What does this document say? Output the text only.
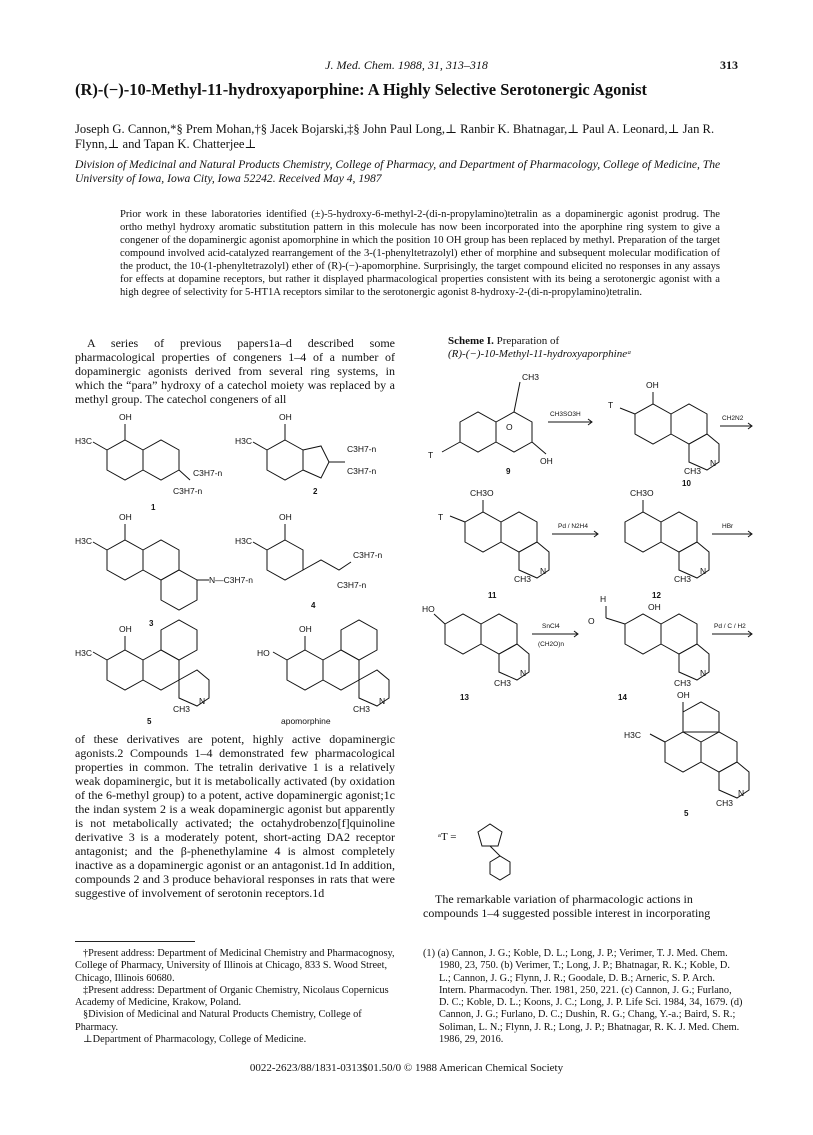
J. Med. Chem. 1988, 31, 313–318	313
(R)-(−)-10-Methyl-11-hydroxyaporphine: A Highly Selective Serotonergic Agonist
Joseph G. Cannon,*§ Prem Mohan,†§ Jacek Bojarski,‡§ John Paul Long,⊥ Ranbir K. Bhatnagar,⊥ Paul A. Leonard,⊥ Jan R. Flynn,⊥ and Tapan K. Chatterjee⊥
Division of Medicinal and Natural Products Chemistry, College of Pharmacy, and Department of Pharmacology, College of Medicine, The University of Iowa, Iowa City, Iowa 52242. Received May 4, 1987
Prior work in these laboratories identified (±)-5-hydroxy-6-methyl-2-(di-n-propylamino)tetralin as a dopaminergic agonist prodrug. The ortho methyl hydroxy aromatic substitution pattern in this molecule has now been incorporated into the aporphine ring system to give a congener of the dopaminergic agonist apomorphine in which the position 10 OH group has been replaced by methyl. Preparation of the target compound involved acid-catalyzed rearrangement of the 3-(1-phenyltetrazolyl) ether of morphine and subsequent molecular modification of the product, the 10-(1-phenyltetrazolyl) ether of (R)-(−)-apomorphine. Surprisingly, the target compound elicited no responses in any assays for effects at dopamine receptors, but rather it displayed pharmacological properties consistent with its being a serotonergic agonist with a high degree of selectivity for 5-HT1A receptors similar to the serotonergic agonist 8-hydroxy-2-(di-n-propylamino)tetralin.

A series of previous papers1a–d described some pharmacological properties of congeners 1–4 of a number of dopaminergic agonists derived from several ring systems, in which the “para” hydroxy of a catechol moiety was replaced by a methyl group. The catechol congeners of all

OH
H3C
C3H7-n
C3H7-n
1
OH
H3C
C3H7-n
C3H7-n
2
OH
H3C
N—C3H7-n
3
OH
H3C
C3H7-n
C3H7-n
4
OH
H3C
N
CH3
5
OH
HO
N
CH3
apomorphine

of these derivatives are potent, highly active dopaminergic agonists.2 Compounds 1–4 demonstrated few pharmacological properties in common. The tetralin derivative 1 is a relatively weak dopaminergic, but it is metabolically activated (by oxidation of the 6-methyl group) to a potent, active dopaminergic agonist;1c the indan system 2 is a weak dopaminergic agonist but apparently is not metabolically activated; the octahydrobenzo[f]quinoline derivative 3 is a moderately potent, short-acting DA2 receptor antagonist; and the β-phenethylamine 4 is almost completely inactive as a dopaminergic agonist or an antagonist.1d In addition, compounds 2 and 3 produce behavioral responses in rats that were suggestive of involvement of serotonin receptors.1d

Scheme I. Preparation of
(R)-(−)-10-Methyl-11-hydroxyaporphineᵃ
CH3
T
OH
O
9
CH3SO3H
OH
T
N
CH3
10
CH2N2
CH3O
T
N
CH3
11
Pd / N2H4
CH3O
N
CH3
12
HBr
HO
N
CH3
13
SnCl4
(CH2O)n
H
OH
O
N
CH3
14
Pd / C / H2
OH
H3C
N
CH3
5
ᵃT =
The remarkable variation of pharmacologic actions in compounds 1–4 suggested possible interest in incorporating
†Present address: Department of Medicinal Chemistry and Pharmacognosy, College of Pharmacy, University of Illinois at Chicago, 833 S. Wood Street, Chicago, Illinois 60680.
‡Present address: Department of Organic Chemistry, Nicolaus Copernicus Academy of Medicine, Krakow, Poland.
§Division of Medicinal and Natural Products Chemistry, College of Pharmacy.
⊥Department of Pharmacology, College of Medicine.
(1) (a) Cannon, J. G.; Koble, D. L.; Long, J. P.; Verimer, T. J. Med. Chem. 1980, 23, 750. (b) Verimer, T.; Long, J. P.; Bhatnagar, R. K.; Koble, D. L.; Cannon, J. G.; Flynn, J. R.; Goodale, D. B.; Arneric, S. P. Arch. Intern. Pharmacodyn. Ther. 1981, 250, 221. (c) Cannon, J. G.; Furlano, D. C.; Koble, D. L.; Koons, J. C.; Long, J. P. Life Sci. 1984, 34, 1679. (d) Cannon, J. G.; Furlano, D. C.; Dushin, R. G.; Chang, Y.-a.; Baird, S. R.; Soliman, L. N.; Flynn, J. R.; Long, J. P.; Bhatnagar, R. K. J. Med. Chem. 1986, 29, 2016.
0022-2623/88/1831-0313$01.50/0 © 1988 American Chemical Society
